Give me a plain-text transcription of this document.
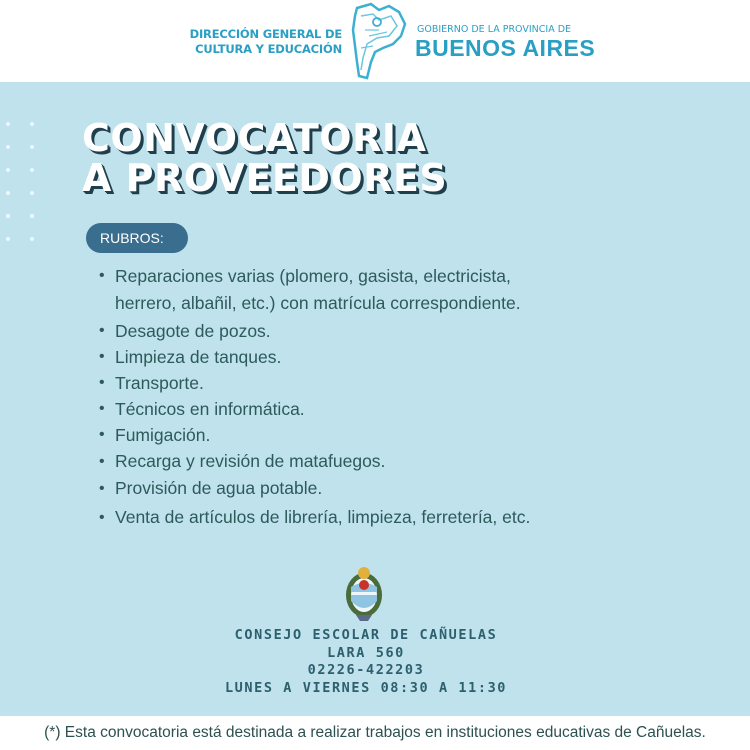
DIRECCIÓN GENERAL DE
CULTURA Y EDUCACIÓN
GOBIERNO DE LA PROVINCIA DE
BUENOS AIRES
CONVOCATORIA
A PROVEEDORES
RUBROS:
• Reparaciones varias (plomero, gasista, electricista,
herrero, albañil, etc.) con matrícula correspondiente.
• Desagote de pozos.
• Limpieza de tanques.
• Transporte.
• Técnicos en informática.
• Fumigación.
• Recarga y revisión de matafuegos.
• Provisión de agua potable.
• Venta de artículos de librería, limpieza, ferretería, etc.
CONSEJO ESCOLAR DE CAÑUELAS
LARA 560
02226-422203
LUNES A VIERNES 08:30 A 11:30
(*) Esta convocatoria está destinada a realizar trabajos en instituciones educativas de Cañuelas.
